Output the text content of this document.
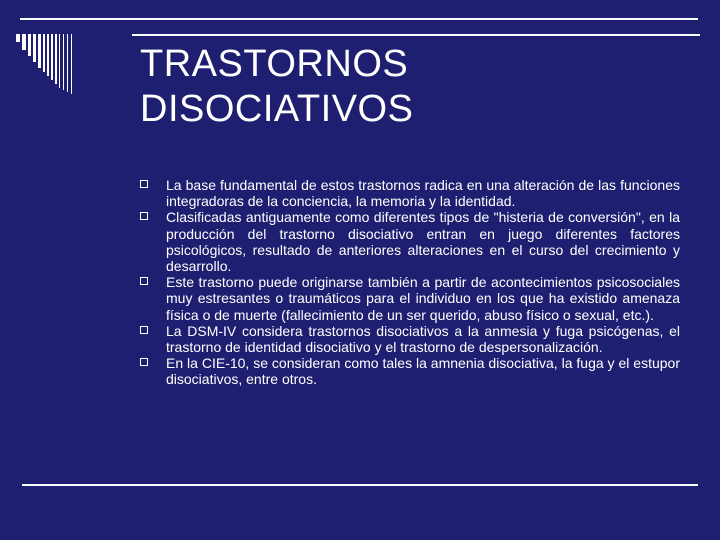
TRASTORNOS
DISOCIATIVOS
La base fundamental de estos trastornos radica en una alteración de las funciones integradoras de la conciencia, la memoria y la identidad.
Clasificadas antiguamente como diferentes tipos de "histeria de conversión", en la producción del trastorno disociativo entran en juego diferentes factores psicológicos, resultado de anteriores alteraciones en el curso del crecimiento y desarrollo.
Este trastorno puede originarse también a partir de acontecimientos psicosociales muy estresantes o traumáticos para el individuo en los que ha existido amenaza física o de muerte (fallecimiento de un ser querido, abuso físico o sexual, etc.).
La DSM-IV considera trastornos disociativos a la anmesia y fuga psicógenas, el trastorno de identidad disociativo y el trastorno de despersonalización.
En la CIE-10, se consideran como tales la amnenia disociativa, la fuga y el estupor disociativos, entre otros.
